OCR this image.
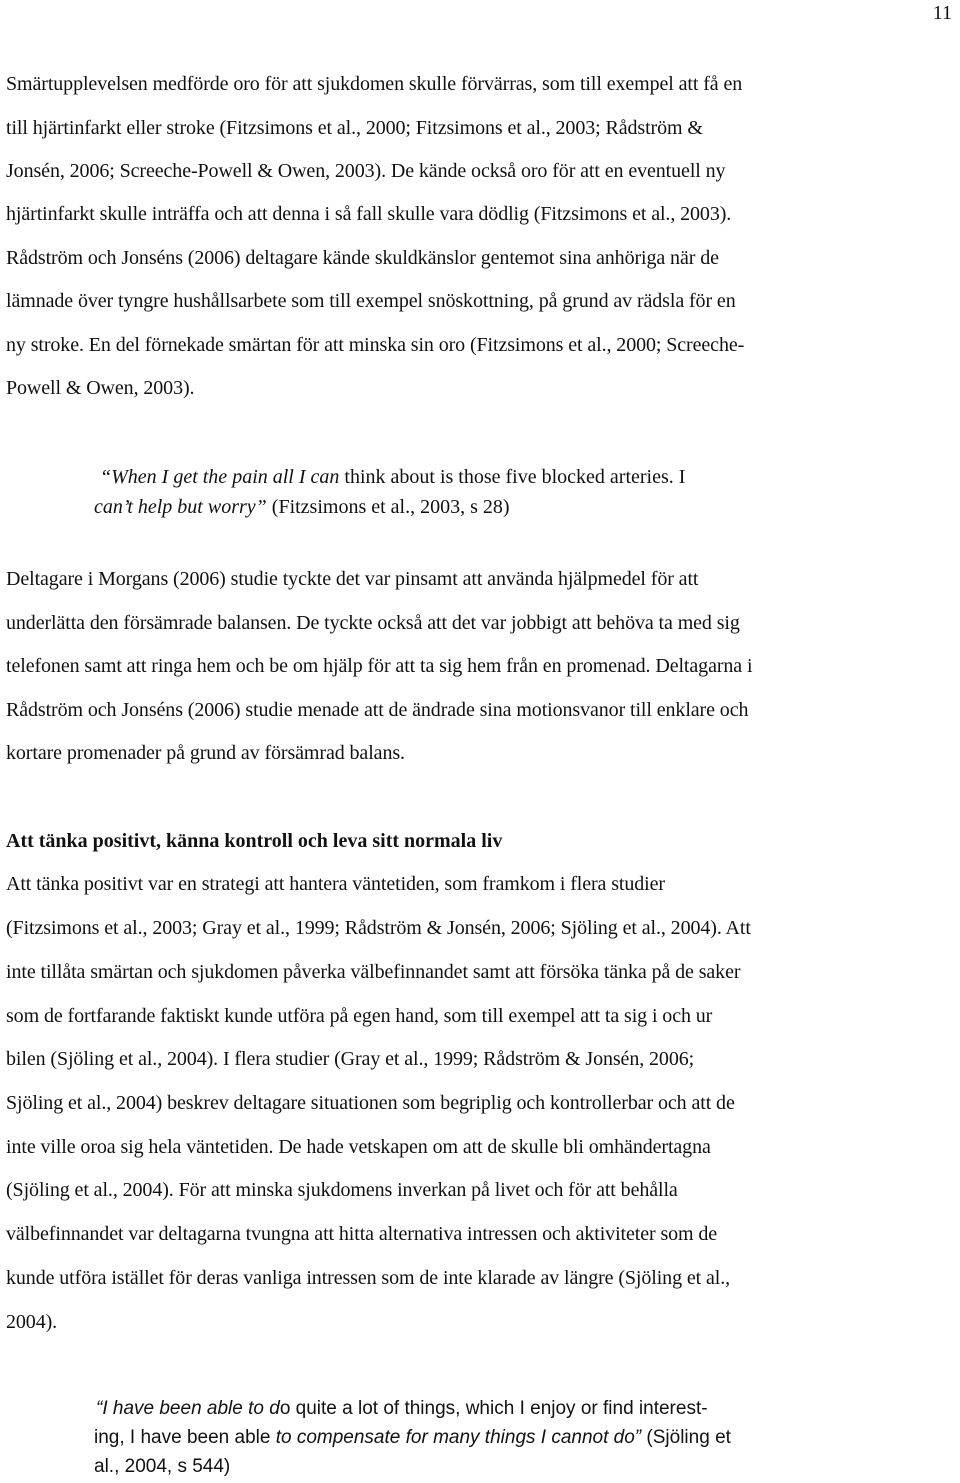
11
Smärtupplevelsen medförde oro för att sjukdomen skulle förvärras, som till exempel att få en
till hjärtinfarkt eller stroke (Fitzsimons et al., 2000; Fitzsimons et al., 2003; Rådström &
Jonsén, 2006; Screeche-Powell & Owen, 2003). De kände också oro för att en eventuell ny
hjärtinfarkt skulle inträffa och att denna i så fall skulle vara dödlig (Fitzsimons et al., 2003).
Rådström och Jonséns (2006) deltagare kände skuldkänslor gentemot sina anhöriga när de
lämnade över tyngre hushållsarbete som till exempel snöskottning, på grund av rädsla för en
ny stroke. En del förnekade smärtan för att minska sin oro (Fitzsimons et al., 2000; Screeche-
Powell & Owen, 2003).
“When I get the pain all I can think about is those five blocked arteries. I
can’t help but worry” (Fitzsimons et al., 2003, s 28)
Deltagare i Morgans (2006) studie tyckte det var pinsamt att använda hjälpmedel för att
underlätta den försämrade balansen. De tyckte också att det var jobbigt att behöva ta med sig
telefonen samt att ringa hem och be om hjälp för att ta sig hem från en promenad. Deltagarna i
Rådström och Jonséns (2006) studie menade att de ändrade sina motionsvanor till enklare och
kortare promenader på grund av försämrad balans.
Att tänka positivt, känna kontroll och leva sitt normala liv
Att tänka positivt var en strategi att hantera väntetiden, som framkom i flera studier
(Fitzsimons et al., 2003; Gray et al., 1999; Rådström & Jonsén, 2006; Sjöling et al., 2004). Att
inte tillåta smärtan och sjukdomen påverka välbefinnandet samt att försöka tänka på de saker
som de fortfarande faktiskt kunde utföra på egen hand, som till exempel att ta sig i och ur
bilen (Sjöling et al., 2004). I flera studier (Gray et al., 1999; Rådström & Jonsén, 2006;
Sjöling et al., 2004) beskrev deltagare situationen som begriplig och kontrollerbar och att de
inte ville oroa sig hela väntetiden. De hade vetskapen om att de skulle bli omhändertagna
(Sjöling et al., 2004). För att minska sjukdomens inverkan på livet och för att behålla
välbefinnandet var deltagarna tvungna att hitta alternativa intressen och aktiviteter som de
kunde utföra istället för deras vanliga intressen som de inte klarade av längre (Sjöling et al.,
2004).
“I have been able to do quite a lot of things, which I enjoy or find interest-
ing, I have been able to compensate for many things I cannot do” (Sjöling et
al., 2004, s 544)
